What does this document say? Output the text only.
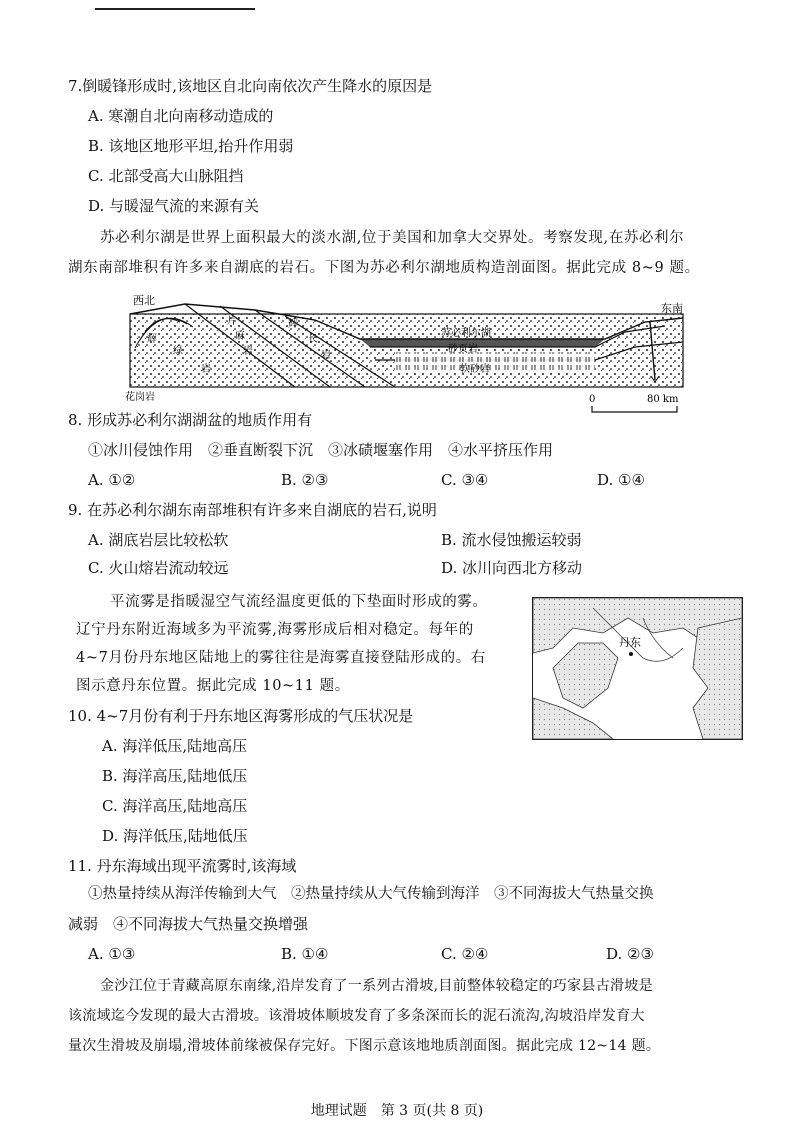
7.倒暖锋形成时,该地区自北向南依次产生降水的原因是
A. 寒潮自北向南移动造成的
B. 该地区地形平坦,抬升作用弱
C. 北部受高大山脉阻挡
D. 与暖湿气流的来源有关
苏必利尔湖是世界上面积最大的淡水湖,位于美国和加拿大交界处。考察发现,在苏必利尔
湖东南部堆积有许多来自湖底的岩石。下图为苏必利尔湖地质构造剖面图。据此完成 8~9 题。
西北
东南
苏必利尔湖
花岗岩
辉
绿
岩
片
麻
岩
辉
长
岩
砂页岩
软砂岩
0	80 km
8. 形成苏必利尔湖湖盆的地质作用有
①冰川侵蚀作用　②垂直断裂下沉　③冰碛堰塞作用　④水平挤压作用
A. ①②	B. ②③	C. ③④	D. ①④
9. 在苏必利尔湖东南部堆积有许多来自湖底的岩石,说明
A. 湖底岩层比较松软	B. 流水侵蚀搬运较弱
C. 火山熔岩流动较远	D. 冰川向西北方移动
平流雾是指暖湿空气流经温度更低的下垫面时形成的雾。
辽宁丹东附近海域多为平流雾,海雾形成后相对稳定。每年的
4~7月份丹东地区陆地上的雾往往是海雾直接登陆形成的。右
图示意丹东位置。据此完成 10~11 题。
丹东
10. 4~7月份有利于丹东地区海雾形成的气压状况是
A. 海洋低压,陆地高压
B. 海洋高压,陆地低压
C. 海洋高压,陆地高压
D. 海洋低压,陆地低压
11. 丹东海域出现平流雾时,该海域
①热量持续从海洋传输到大气　②热量持续从大气传输到海洋　③不同海拔大气热量交换
减弱　④不同海拔大气热量交换增强
A. ①③	B. ①④	C. ②④	D. ②③
金沙江位于青藏高原东南缘,沿岸发育了一系列古滑坡,目前整体较稳定的巧家县古滑坡是
该流域迄今发现的最大古滑坡。该滑坡体顺坡发育了多条深而长的泥石流沟,沟坡沿岸发育大
量次生滑坡及崩塌,滑坡体前缘被保存完好。下图示意该地地质剖面图。据此完成 12~14 题。
地理试题　第 3 页(共 8 页)
